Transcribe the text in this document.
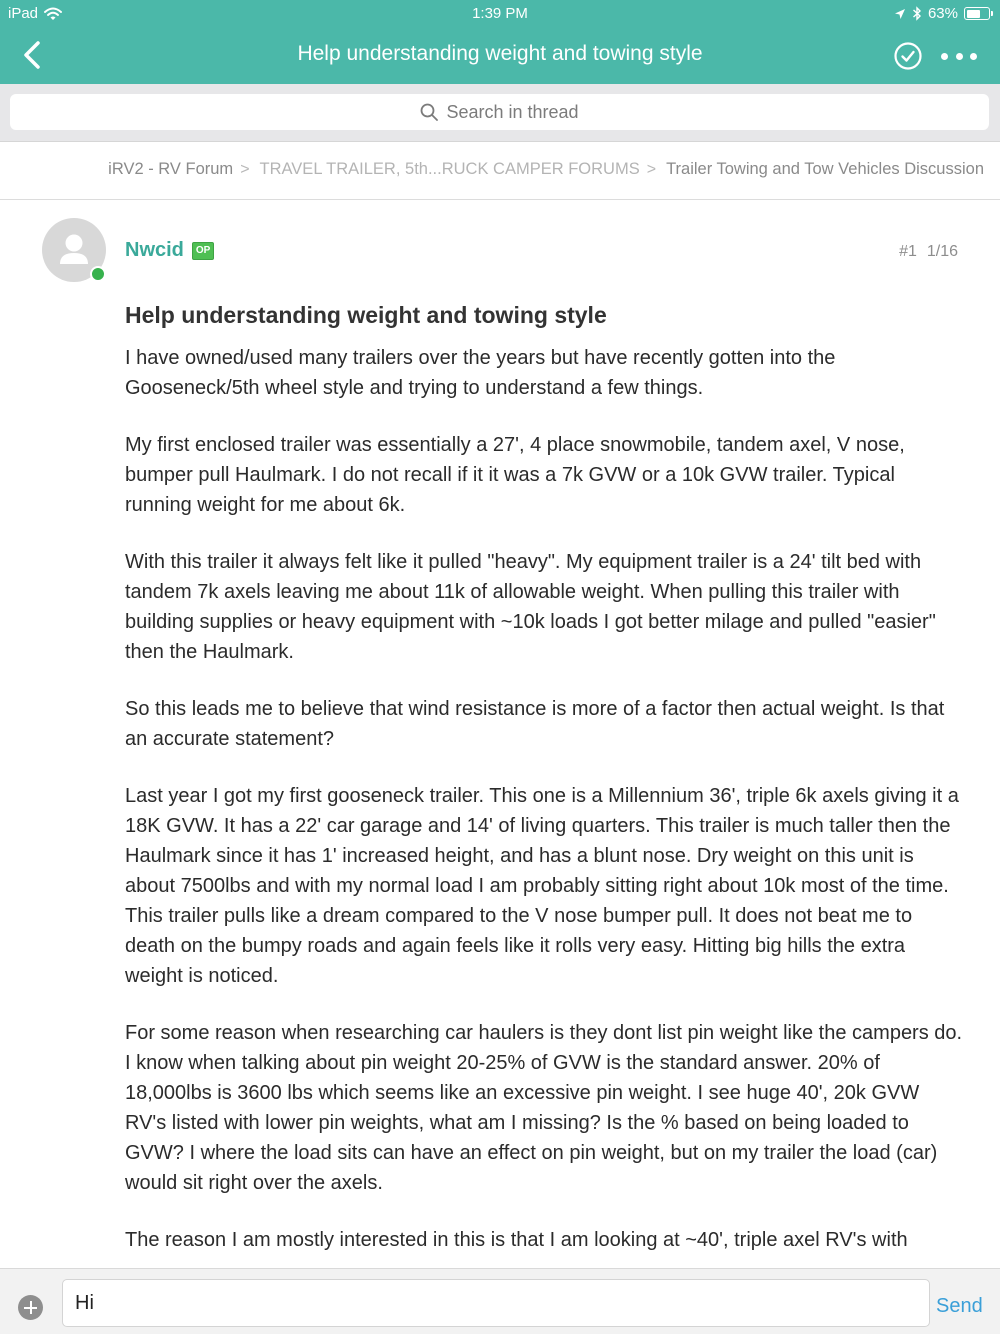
iPad	1:39 PM	63%
Help understanding weight and towing style
Search in thread
iRV2 - RV Forum > TRAVEL TRAILER, 5th...RUCK CAMPER FORUMS > Trailer Towing and Tow Vehicles Discussion
Nwcid	OP	#1 1/16
Help understanding weight and towing style

I have owned/used many trailers over the years but have recently gotten into the Gooseneck/5th wheel style and trying to understand a few things.

My first enclosed trailer was essentially a 27', 4 place snowmobile, tandem axel, V nose, bumper pull Haulmark. I do not recall if it it was a 7k GVW or a 10k GVW trailer. Typical running weight for me about 6k.

With this trailer it always felt like it pulled "heavy". My equipment trailer is a 24' tilt bed with tandem 7k axels leaving me about 11k of allowable weight. When pulling this trailer with building supplies or heavy equipment with ~10k loads I got better milage and pulled "easier" then the Haulmark.

So this leads me to believe that wind resistance is more of a factor then actual weight. Is that an accurate statement?

Last year I got my first gooseneck trailer. This one is a Millennium 36', triple 6k axels giving it a 18K GVW. It has a 22' car garage and 14' of living quarters. This trailer is much taller then the Haulmark since it has 1' increased height, and has a blunt nose. Dry weight on this unit is about 7500lbs and with my normal load I am probably sitting right about 10k most of the time. This trailer pulls like a dream compared to the V nose bumper pull. It does not beat me to death on the bumpy roads and again feels like it rolls very easy. Hitting big hills the extra weight is noticed.

For some reason when researching car haulers is they dont list pin weight like the campers do. I know when talking about pin weight 20-25% of GVW is the standard answer. 20% of 18,000lbs is 3600 lbs which seems like an excessive pin weight. I see huge 40', 20k GVW RV's listed with lower pin weights, what am I missing? Is the % based on being loaded to GVW? I where the load sits can have an effect on pin weight, but on my trailer the load (car) would sit right over the axels.

The reason I am mostly interested in this is that I am looking at ~40', triple axel RV's with

Hi
Send
